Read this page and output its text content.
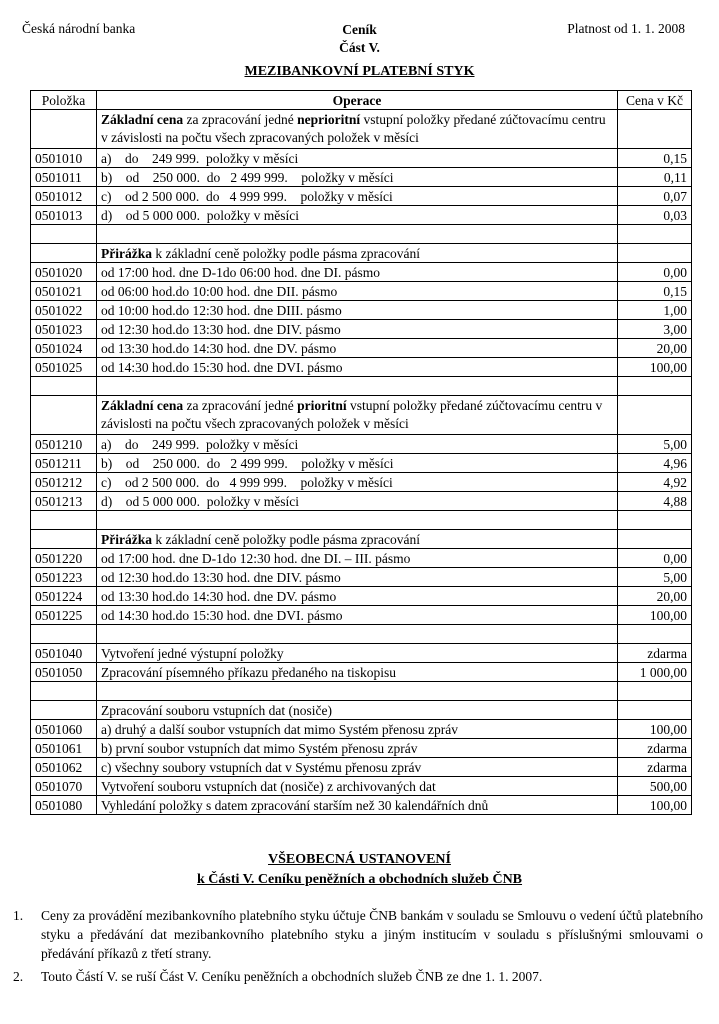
Česká národní banka	Ceník
Část V.
Platnost od 1. 1. 2008
MEZIBANKOVNÍ PLATEBNÍ STYK
Položka	Operace	Cena v Kč
	Základní cena za zpracování jedné neprioritní vstupní položky předané zúčtovacímu centru v závislosti na počtu všech zpracovaných položek v měsíci	
0501010	a)    do    249 999.  položky v měsíci	0,15
0501011	b)    od    250 000.  do   2 499 999.    položky v měsíci	0,11
0501012	c)    od 2 500 000.  do   4 999 999.    položky v měsíci	0,07
0501013	d)    od 5 000 000.  položky v měsíci	0,03

	Přirážka k základní ceně položky podle pásma zpracování	
0501020	od 17:00 hod. dne D-1do 06:00 hod. dne DI. pásmo	0,00
0501021	od 06:00 hod.do 10:00 hod. dne DII. pásmo	0,15
0501022	od 10:00 hod.do 12:30 hod. dne DIII. pásmo	1,00
0501023	od 12:30 hod.do 13:30 hod. dne DIV. pásmo	3,00
0501024	od 13:30 hod.do 14:30 hod. dne DV. pásmo	20,00
0501025	od 14:30 hod.do 15:30 hod. dne DVI. pásmo	100,00

	Základní cena za zpracování jedné prioritní vstupní položky předané zúčtovacímu centru v závislosti na počtu všech zpracovaných položek v měsíci	
0501210	a)    do    249 999.  položky v měsíci	5,00
0501211	b)    od    250 000.  do   2 499 999.    položky v měsíci	4,96
0501212	c)    od 2 500 000.  do   4 999 999.    položky v měsíci	4,92
0501213	d)    od 5 000 000.  položky v měsíci	4,88

	Přirážka k základní ceně položky podle pásma zpracování	
0501220	od 17:00 hod. dne D-1do 12:30 hod. dne DI. – III. pásmo	0,00
0501223	od 12:30 hod.do 13:30 hod. dne DIV. pásmo	5,00
0501224	od 13:30 hod.do 14:30 hod. dne DV. pásmo	20,00
0501225	od 14:30 hod.do 15:30 hod. dne DVI. pásmo	100,00

0501040	Vytvoření jedné výstupní položky	zdarma
0501050	Zpracování písemného příkazu předaného na tiskopisu	1 000,00

	Zpracování souboru vstupních dat (nosiče)	
0501060	a) druhý a další soubor vstupních dat mimo Systém přenosu zpráv	100,00
0501061	b) první soubor vstupních dat mimo Systém přenosu zpráv	zdarma
0501062	c) všechny soubory vstupních dat v Systému přenosu zpráv	zdarma
0501070	Vytvoření souboru vstupních dat (nosiče) z archivovaných dat	500,00
0501080	Vyhledání položky s datem zpracování starším než 30 kalendářních dnů	100,00
VŠEOBECNÁ USTANOVENÍ
k Části V. Ceníku peněžních a obchodních služeb ČNB
1. Ceny za provádění mezibankovního platebního styku účtuje ČNB bankám v souladu se Smlouvu o vedení účtů platebního styku a předávání dat mezibankovního platebního styku a jiným institucím v souladu s příslušnými smlouvami o předávání příkazů z třetí strany.
2. Touto Částí V. se ruší Část V. Ceníku peněžních a obchodních služeb ČNB ze dne 1. 1. 2007.
